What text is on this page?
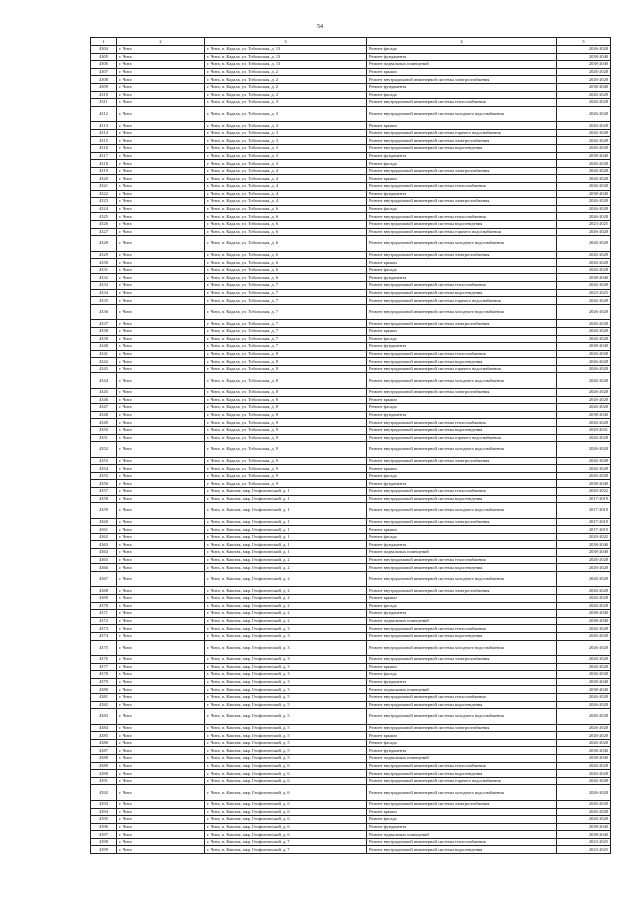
54
1	2	3	4	5
4304	г. Чита	г. Чита, п. Кадала, ул. Тобольская, д. 13	Ремонт фасада	2026-2028
4305	г. Чита	г. Чита, п. Кадала, ул. Тобольская, д. 13	Ремонт фундамента	2038-2040
4306	г. Чита	г. Чита, п. Кадала, ул. Тобольская, д. 13	Ремонт подвальных помещений	2038-2040
4307	г. Чита	г. Чита, п. Кадала, ул. Тобольская, д. 2	Ремонт крыши	2026-2028
4308	г. Чита	г. Чита, п. Кадала, ул. Тобольская, д. 2	Ремонт внутридомовой инженерной системы электроснабжения	2026-2028
4309	г. Чита	г. Чита, п. Кадала, ул. Тобольская, д. 2	Ремонт фундамента	2038-2040
4310	г. Чита	г. Чита, п. Кадала, ул. Тобольская, д. 2	Ремонт фасада	2026-2028
4311	г. Чита	г. Чита, п. Кадала, ул. Тобольская, д. 3	Ремонт внутридомовой инженерной системы теплоснабжения	2026-2028
4312	г. Чита	г. Чита, п. Кадала, ул. Тобольская, д. 3	Ремонт внутридомовой инженерной системы холодного водоснабжения	2026-2028
4313	г. Чита	г. Чита, п. Кадала, ул. Тобольская, д. 3	Ремонт крыши	2026-2028
4314	г. Чита	г. Чита, п. Кадала, ул. Тобольская, д. 3	Ремонт внутридомовой инженерной системы горячего водоснабжения	2026-2028
4315	г. Чита	г. Чита, п. Кадала, ул. Тобольская, д. 3	Ремонт внутридомовой инженерной системы электроснабжения	2026-2028
4316	г. Чита	г. Чита, п. Кадала, ул. Тобольская, д. 3	Ремонт внутридомовой инженерной системы водоотведения	2026-2028
4317	г. Чита	г. Чита, п. Кадала, ул. Тобольская, д. 3	Ремонт фундамента	2038-2040
4318	г. Чита	г. Чита, п. Кадала, ул. Тобольская, д. 3	Ремонт фасада	2026-2028
4319	г. Чита	г. Чита, п. Кадала, ул. Тобольская, д. 4	Ремонт внутридомовой инженерной системы электроснабжения	2026-2028
4320	г. Чита	г. Чита, п. Кадала, ул. Тобольская, д. 4	Ремонт крыши	2026-2028
4321	г. Чита	г. Чита, п. Кадала, ул. Тобольская, д. 4	Ремонт внутридомовой инженерной системы теплоснабжения	2026-2028
4322	г. Чита	г. Чита, п. Кадала, ул. Тобольская, д. 4	Ремонт фундамента	2038-2040
4323	г. Чита	г. Чита, п. Кадала, ул. Тобольская, д. 4	Ремонт внутридомовой инженерной системы электроснабжения	2026-2028
4324	г. Чита	г. Чита, п. Кадала, ул. Тобольская, д. 6	Ремонт фасада	2026-2028
4325	г. Чита	г. Чита, п. Кадала, ул. Тобольская, д. 6	Ремонт внутридомовой инженерной системы теплоснабжения	2026-2028
4326	г. Чита	г. Чита, п. Кадала, ул. Тобольская, д. 6	Ремонт внутридомовой инженерной системы водоотведения	2023-2025
4327	г. Чита	г. Чита, п. Кадала, ул. Тобольская, д. 6	Ремонт внутридомовой инженерной системы горячего водоснабжения	2026-2028
4328	г. Чита	г. Чита, п. Кадала, ул. Тобольская, д. 6	Ремонт внутридомовой инженерной системы холодного водоснабжения	2026-2028
4329	г. Чита	г. Чита, п. Кадала, ул. Тобольская, д. 6	Ремонт внутридомовой инженерной системы электроснабжения	2026-2028
4330	г. Чита	г. Чита, п. Кадала, ул. Тобольская, д. 6	Ремонт крыши	2026-2028
4331	г. Чита	г. Чита, п. Кадала, ул. Тобольская, д. 6	Ремонт фасада	2026-2028
4332	г. Чита	г. Чита, п. Кадала, ул. Тобольская, д. 6	Ремонт фундамента	2038-2040
4333	г. Чита	г. Чита, п. Кадала, ул. Тобольская, д. 7	Ремонт внутридомовой инженерной системы теплоснабжения	2026-2028
4334	г. Чита	г. Чита, п. Кадала, ул. Тобольская, д. 7	Ремонт внутридомовой инженерной системы водоотведения	2023-2025
4335	г. Чита	г. Чита, п. Кадала, ул. Тобольская, д. 7	Ремонт внутридомовой инженерной системы горячего водоснабжения	2026-2028
4336	г. Чита	г. Чита, п. Кадала, ул. Тобольская, д. 7	Ремонт внутридомовой инженерной системы холодного водоснабжения	2026-2028
4337	г. Чита	г. Чита, п. Кадала, ул. Тобольская, д. 7	Ремонт внутридомовой инженерной системы электроснабжения	2026-2028
4338	г. Чита	г. Чита, п. Кадала, ул. Тобольская, д. 7	Ремонт крыши	2026-2028
4339	г. Чита	г. Чита, п. Кадала, ул. Тобольская, д. 7	Ремонт фасада	2026-2028
4340	г. Чита	г. Чита, п. Кадала, ул. Тобольская, д. 7	Ремонт фундамента	2038-2040
4341	г. Чита	г. Чита, п. Кадала, ул. Тобольская, д. 8	Ремонт внутридомовой инженерной системы теплоснабжения	2026-2028
4342	г. Чита	г. Чита, п. Кадала, ул. Тобольская, д. 8	Ремонт внутридомовой инженерной системы водоотведения	2026-2028
4343	г. Чита	г. Чита, п. Кадала, ул. Тобольская, д. 8	Ремонт внутридомовой инженерной системы горячего водоснабжения	2026-2028
4344	г. Чита	г. Чита, п. Кадала, ул. Тобольская, д. 8	Ремонт внутридомовой инженерной системы холодного водоснабжения	2026-2028
4345	г. Чита	г. Чита, п. Кадала, ул. Тобольская, д. 8	Ремонт внутридомовой инженерной системы электроснабжения	2026-2028
4346	г. Чита	г. Чита, п. Кадала, ул. Тобольская, д. 8	Ремонт крыши	2026-2028
4347	г. Чита	г. Чита, п. Кадала, ул. Тобольская, д. 8	Ремонт фасада	2026-2028
4348	г. Чита	г. Чита, п. Кадала, ул. Тобольская, д. 8	Ремонт фундамента	2038-2040
4349	г. Чита	г. Чита, п. Кадала, ул. Тобольская, д. 9	Ремонт внутридомовой инженерной системы теплоснабжения	2026-2028
4350	г. Чита	г. Чита, п. Кадала, ул. Тобольская, д. 9	Ремонт внутридомовой инженерной системы водоотведения	2029-2031
4351	г. Чита	г. Чита, п. Кадала, ул. Тобольская, д. 9	Ремонт внутридомовой инженерной системы горячего водоснабжения	2026-2028
4352	г. Чита	г. Чита, п. Кадала, ул. Тобольская, д. 9	Ремонт внутридомовой инженерной системы холодного водоснабжения	2026-2028
4353	г. Чита	г. Чита, п. Кадала, ул. Тобольская, д. 9	Ремонт внутридомовой инженерной системы электроснабжения	2026-2028
4354	г. Чита	г. Чита, п. Кадала, ул. Тобольская, д. 9	Ремонт крыши	2026-2028
4355	г. Чита	г. Чита, п. Кадала, ул. Тобольская, д. 9	Ремонт фасада	2026-2028
4356	г. Чита	г. Чита, п. Кадала, ул. Тобольская, д. 9	Ремонт фундамента	2038-2040
4357	г. Чита	г. Чита, п. Каштак, мкр. Геофизический, д. 1	Ремонт внутридомовой инженерной системы теплоснабжения	2020-2022
4358	г. Чита	г. Чита, п. Каштак, мкр. Геофизический, д. 1	Ремонт внутридомовой инженерной системы водоотведения	2017-2019
4359	г. Чита	г. Чита, п. Каштак, мкр. Геофизический, д. 1	Ремонт внутридомовой инженерной системы холодного водоснабжения	2017-2019
4360	г. Чита	г. Чита, п. Каштак, мкр. Геофизический, д. 1	Ремонт внутридомовой инженерной системы электроснабжения	2017-2019
4361	г. Чита	г. Чита, п. Каштак, мкр. Геофизический, д. 1	Ремонт крыши	2017-2019
4362	г. Чита	г. Чита, п. Каштак, мкр. Геофизический, д. 1	Ремонт фасада	2020-2022
4363	г. Чита	г. Чита, п. Каштак, мкр. Геофизический, д. 1	Ремонт фундамента	2038-2040
4364	г. Чита	г. Чита, п. Каштак, мкр. Геофизический, д. 1	Ремонт подвальных помещений	2038-2040
4365	г. Чита	г. Чита, п. Каштак, мкр. Геофизический, д. 2	Ремонт внутридомовой инженерной системы теплоснабжения	2026-2028
4366	г. Чита	г. Чита, п. Каштак, мкр. Геофизический, д. 2	Ремонт внутридомовой инженерной системы водоотведения	2026-2028
4367	г. Чита	г. Чита, п. Каштак, мкр. Геофизический, д. 2	Ремонт внутридомовой инженерной системы холодного водоснабжения	2026-2028
4368	г. Чита	г. Чита, п. Каштак, мкр. Геофизический, д. 2	Ремонт внутридомовой инженерной системы электроснабжения	2026-2028
4369	г. Чита	г. Чита, п. Каштак, мкр. Геофизический, д. 2	Ремонт крыши	2026-2028
4370	г. Чита	г. Чита, п. Каштак, мкр. Геофизический, д. 2	Ремонт фасада	2026-2028
4371	г. Чита	г. Чита, п. Каштак, мкр. Геофизический, д. 2	Ремонт фундамента	2038-2040
4372	г. Чита	г. Чита, п. Каштак, мкр. Геофизический, д. 2	Ремонт подвальных помещений	2038-2040
4373	г. Чита	г. Чита, п. Каштак, мкр. Геофизический, д. 3	Ремонт внутридомовой инженерной системы теплоснабжения	2026-2028
4374	г. Чита	г. Чита, п. Каштак, мкр. Геофизический, д. 3	Ремонт внутридомовой инженерной системы водоотведения	2026-2028
4375	г. Чита	г. Чита, п. Каштак, мкр. Геофизический, д. 3	Ремонт внутридомовой инженерной системы холодного водоснабжения	2026-2028
4376	г. Чита	г. Чита, п. Каштак, мкр. Геофизический, д. 3	Ремонт внутридомовой инженерной системы электроснабжения	2026-2028
4377	г. Чита	г. Чита, п. Каштак, мкр. Геофизический, д. 3	Ремонт крыши	2026-2028
4378	г. Чита	г. Чита, п. Каштак, мкр. Геофизический, д. 3	Ремонт фасада	2026-2028
4379	г. Чита	г. Чита, п. Каштак, мкр. Геофизический, д. 3	Ремонт фундамента	2038-2040
4380	г. Чита	г. Чита, п. Каштак, мкр. Геофизический, д. 3	Ремонт подвальных помещений	2038-2040
4381	г. Чита	г. Чита, п. Каштак, мкр. Геофизический, д. 5	Ремонт внутридомовой инженерной системы теплоснабжения	2026-2028
4382	г. Чита	г. Чита, п. Каштак, мкр. Геофизический, д. 5	Ремонт внутридомовой инженерной системы водоотведения	2026-2028
4383	г. Чита	г. Чита, п. Каштак, мкр. Геофизический, д. 5	Ремонт внутридомовой инженерной системы холодного водоснабжения	2026-2028
4384	г. Чита	г. Чита, п. Каштак, мкр. Геофизический, д. 5	Ремонт внутридомовой инженерной системы электроснабжения	2026-2028
4385	г. Чита	г. Чита, п. Каштак, мкр. Геофизический, д. 5	Ремонт крыши	2026-2028
4386	г. Чита	г. Чита, п. Каштак, мкр. Геофизический, д. 5	Ремонт фасада	2026-2028
4387	г. Чита	г. Чита, п. Каштак, мкр. Геофизический, д. 5	Ремонт фундамента	2038-2040
4388	г. Чита	г. Чита, п. Каштак, мкр. Геофизический, д. 5	Ремонт подвальных помещений	2038-2040
4389	г. Чита	г. Чита, п. Каштак, мкр. Геофизический, д. 6	Ремонт внутридомовой инженерной системы теплоснабжения	2026-2028
4390	г. Чита	г. Чита, п. Каштак, мкр. Геофизический, д. 6	Ремонт внутридомовой инженерной системы водоотведения	2026-2028
4391	г. Чита	г. Чита, п. Каштак, мкр. Геофизический, д. 6	Ремонт внутридомовой инженерной системы горячего водоснабжения	2026-2028
4392	г. Чита	г. Чита, п. Каштак, мкр. Геофизический, д. 6	Ремонт внутридомовой инженерной системы холодного водоснабжения	2026-2028
4393	г. Чита	г. Чита, п. Каштак, мкр. Геофизический, д. 6	Ремонт внутридомовой инженерной системы электроснабжения	2026-2028
4394	г. Чита	г. Чита, п. Каштак, мкр. Геофизический, д. 6	Ремонт крыши	2026-2028
4395	г. Чита	г. Чита, п. Каштак, мкр. Геофизический, д. 6	Ремонт фасада	2026-2028
4396	г. Чита	г. Чита, п. Каштак, мкр. Геофизический, д. 6	Ремонт фундамента	2038-2040
4397	г. Чита	г. Чита, п. Каштак, мкр. Геофизический, д. 6	Ремонт подвальных помещений	2038-2040
4398	г. Чита	г. Чита, п. Каштак, мкр. Геофизический, д. 7	Ремонт внутридомовой инженерной системы теплоснабжения	2023-2025
4399	г. Чита	г. Чита, п. Каштак, мкр. Геофизический, д. 7	Ремонт внутридомовой инженерной системы водоотведения	2023-2025
